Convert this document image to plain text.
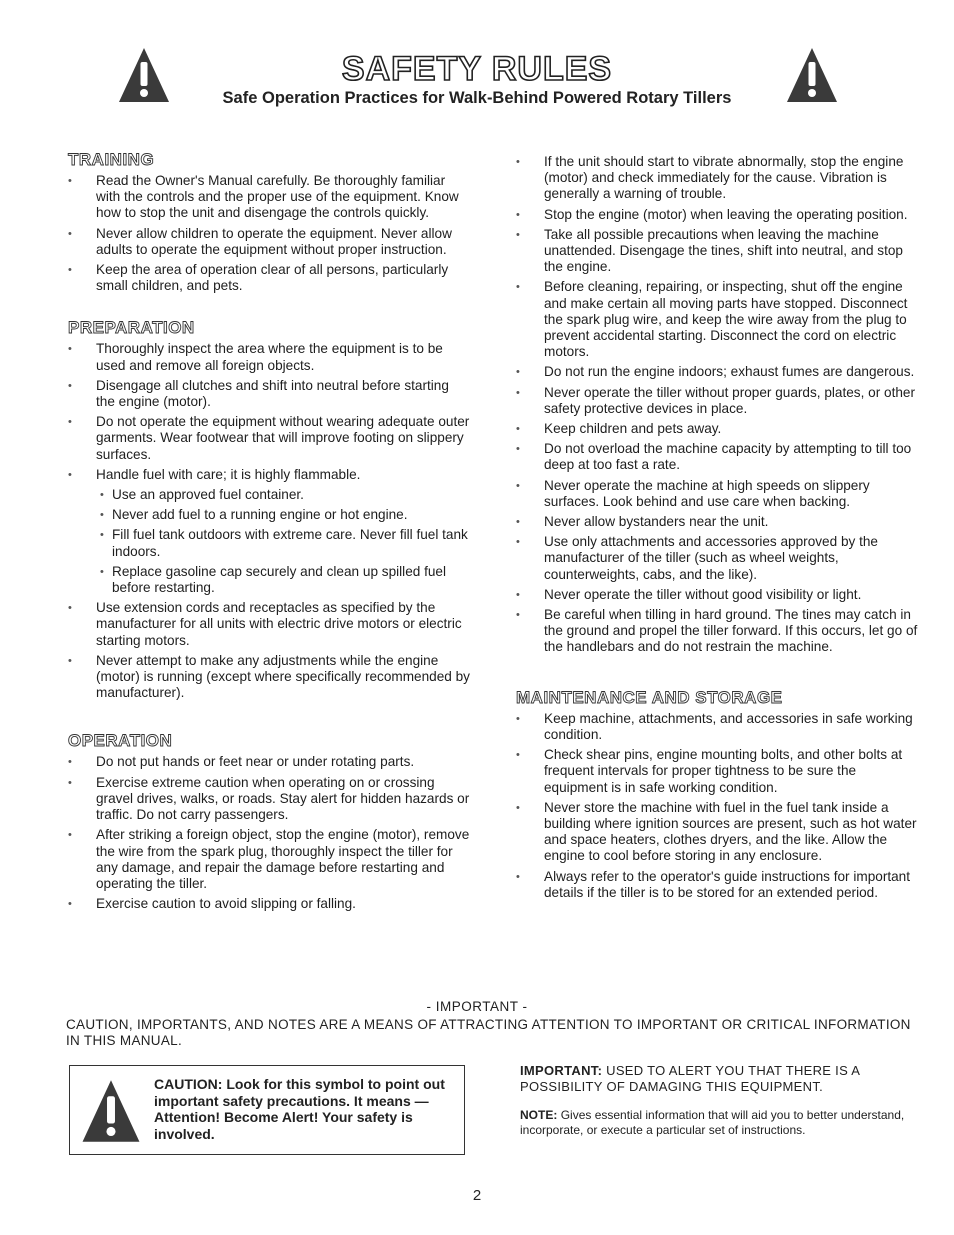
SAFETY RULES

Safe Operation Practices for Walk-Behind Powered Rotary Tillers

TRAINING
• Read the Owner's Manual carefully. Be thoroughly familiar with the controls and the proper use of the equipment. Know how to stop the unit and disengage the controls quickly.
• Never allow children to operate the equipment. Never allow adults to operate the equipment without proper instruction.
• Keep the area of operation clear of all persons, particularly small children, and pets.
PREPARATION
• Thoroughly inspect the area where the equipment is to be used and remove all foreign objects.
• Disengage all clutches and shift into neutral before starting the engine (motor).
• Do not operate the equipment without wearing adequate outer garments. Wear footwear that will improve footing on slippery surfaces.
• Handle fuel with care; it is highly flammable.
• Use an approved fuel container.
• Never add fuel to a running engine or hot engine.
• Fill fuel tank outdoors with extreme care. Never fill fuel tank indoors.
• Replace gasoline cap securely and clean up spilled fuel before restarting.
• Use extension cords and receptacles as specified by the manufacturer for all units with electric drive motors or electric starting motors.
• Never attempt to make any adjustments while the engine (motor) is running (except where specifically recommended by manufacturer).
OPERATION
• Do not put hands or feet near or under rotating parts.
• Exercise extreme caution when operating on or crossing gravel drives, walks, or roads. Stay alert for hidden hazards or traffic. Do not carry passengers.
• After striking a foreign object, stop the engine (motor), remove the wire from the spark plug, thoroughly inspect the tiller for any damage, and repair the damage before restarting and operating the tiller.
• Exercise caution to avoid slipping or falling.
• If the unit should start to vibrate abnormally, stop the engine (motor) and check immediately for the cause. Vibration is generally a warning of trouble.
• Stop the engine (motor) when leaving the operating position.
• Take all possible precautions when leaving the machine unattended. Disengage the tines, shift into neutral, and stop the engine.
• Before cleaning, repairing, or inspecting, shut off the engine and make certain all moving parts have stopped. Disconnect the spark plug wire, and keep the wire away from the plug to prevent accidental starting. Disconnect the cord on electric motors.
• Do not run the engine indoors; exhaust fumes are dangerous.
• Never operate the tiller without proper guards, plates, or other safety protective devices in place.
• Keep children and pets away.
• Do not overload the machine capacity by attempting to till too deep at too fast a rate.
• Never operate the machine at high speeds on slippery surfaces. Look behind and use care when backing.
• Never allow bystanders near the unit.
• Use only attachments and accessories approved by the manufacturer of the tiller (such as wheel weights, counterweights, cabs, and the like).
• Never operate the tiller without good visibility or light.
• Be careful when tilling in hard ground. The tines may catch in the ground and propel the tiller forward. If this occurs, let go of the handlebars and do not restrain the machine.
MAINTENANCE AND STORAGE
• Keep machine, attachments, and accessories in safe working condition.
• Check shear pins, engine mounting bolts, and other bolts at frequent intervals for proper tightness to be sure the equipment is in safe working condition.
• Never store the machine with fuel in the fuel tank inside a building where ignition sources are present, such as hot water and space heaters, clothes dryers, and the like. Allow the engine to cool before storing in any enclosure.
• Always refer to the operator's guide instructions for important details if the tiller is to be stored for an extended period.

- IMPORTANT -

CAUTION, IMPORTANTS, AND NOTES ARE A MEANS OF ATTRACTING ATTENTION TO IMPORTANT OR CRITICAL INFORMATION IN THIS MANUAL.

CAUTION: Look for this symbol to point out important safety precautions. It means —Attention! Become Alert! Your safety is involved.

IMPORTANT: USED TO ALERT YOU THAT THERE IS A POSSIBILITY OF DAMAGING THIS EQUIPMENT.

NOTE: Gives essential information that will aid you to better understand, incorporate, or execute a particular set of instructions.

2
